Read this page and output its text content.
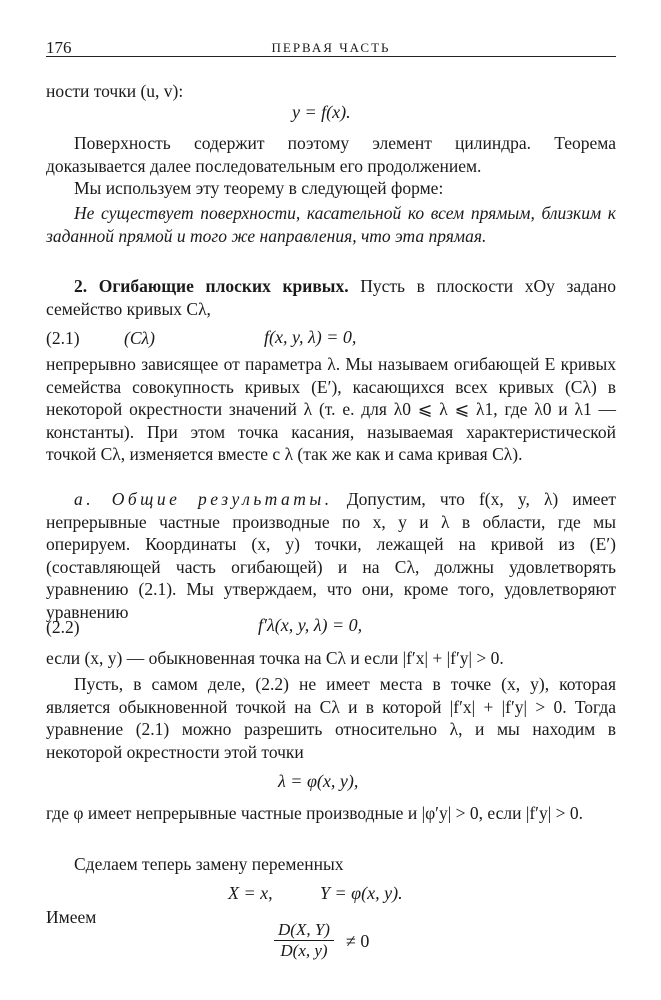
176	ПЕРВАЯ ЧАСТЬ
ности точки (u, v):
y = f(x).
Поверхность содержит поэтому элемент цилиндра. Теорема доказывается далее последовательным его продолжением.
Мы используем эту теорему в следующей форме:
Не существует поверхности, касательной ко всем прямым, близким к заданной прямой и того же направления, что эта прямая.
2. Огибающие плоских кривых. Пусть в плоскости xOy задано семейство кривых Cλ,
(2.1)	(Cλ)	f(x, y, λ) = 0,
непрерывно зависящее от параметра λ. Мы называем огибающей E кривых семейства совокупность кривых (E′), касающихся всех кривых (Cλ) в некоторой окрестности значений λ (т. е. для λ0 ⩽ λ ⩽ λ1, где λ0 и λ1 — константы). При этом точка касания, называемая характеристической точкой Cλ, изменяется вместе с λ (так же как и сама кривая Cλ).
a. Общие результаты. Допустим, что f(x, y, λ) имеет непрерывные частные производные по x, y и λ в области, где мы оперируем. Координаты (x, y) точки, лежащей на кривой из (E′) (составляющей часть огибающей) и на Cλ, должны удовлетворять уравнению (2.1). Мы утверждаем, что они, кроме того, удовлетворяют уравнению
(2.2)	f′λ(x, y, λ) = 0,
если (x, y) — обыкновенная точка на Cλ и если |f′x| + |f′y| > 0.
Пусть, в самом деле, (2.2) не имеет места в точке (x, y), которая является обыкновенной точкой на Cλ и в которой |f′x| + |f′y| > 0. Тогда уравнение (2.1) можно разрешить относительно λ, и мы находим в некоторой окрестности этой точки
λ = φ(x, y),
где φ имеет непрерывные частные производные и |φ′y| > 0, если |f′y| > 0.
Сделаем теперь замену переменных
X = x,	Y = φ(x, y).
Имеем
$\frac{D(X, Y)}{D(x, y)} \ne 0$
